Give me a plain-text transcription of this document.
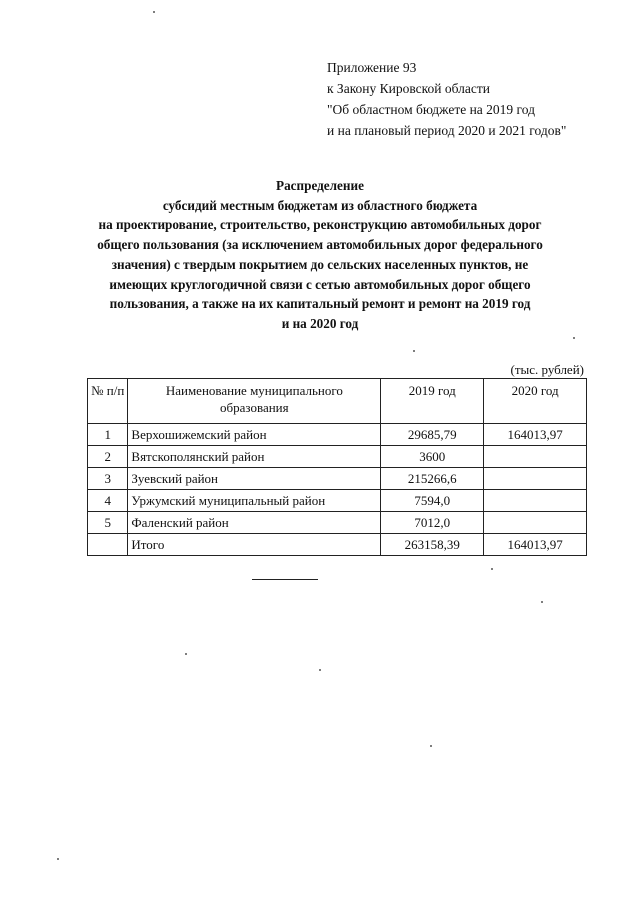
Приложение 93
к Закону Кировской области
"Об областном бюджете на 2019 год
и на плановый период 2020 и 2021 годов"
Распределение
субсидий местным бюджетам из областного бюджета
на проектирование, строительство, реконструкцию автомобильных дорог
общего пользования (за исключением автомобильных дорог федерального
значения) с твердым покрытием до сельских населенных пунктов, не
имеющих круглогодичной связи с сетью автомобильных дорог общего
пользования, а также на их капитальный ремонт и ремонт на 2019 год
и на 2020 год
(тыс. рублей)
№ п/п	Наименование муниципального образования	2019 год	2020 год
1	Верхошижемский район	29685,79	164013,97
2	Вятскополянский район	3600	
3	Зуевский район	215266,6	
4	Уржумский муниципальный район	7594,0	
5	Фаленский район	7012,0	
	Итого	263158,39	164013,97
